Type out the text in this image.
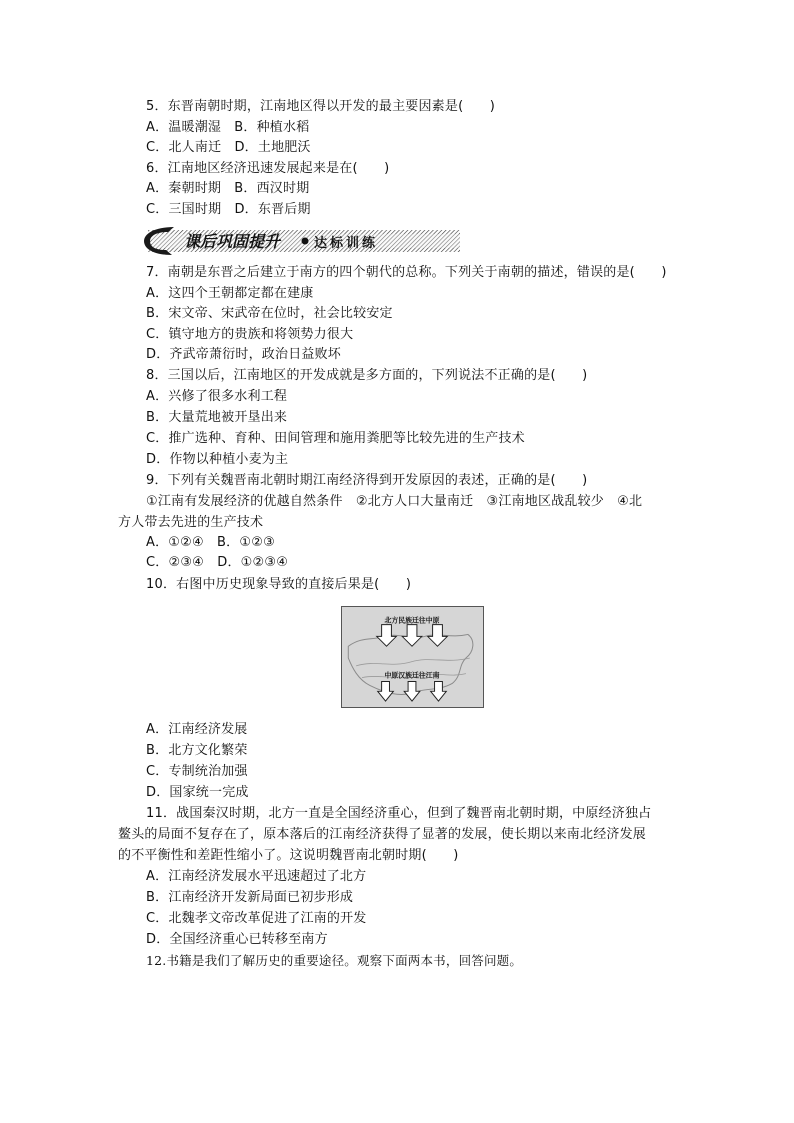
5．东晋南朝时期，江南地区得以开发的最主要因素是(　　)
A．温暖潮湿　B．种植水稻
C．北人南迁　D．土地肥沃
6．江南地区经济迅速发展起来是在(　　)
A．秦朝时期　B．西汉时期
C．三国时期　D．东晋后期
课后巩固提升	达标训练
7．南朝是东晋之后建立于南方的四个朝代的总称。下列关于南朝的描述，错误的是(　　)
A．这四个王朝都定都在建康
B．宋文帝、宋武帝在位时，社会比较安定
C．镇守地方的贵族和将领势力很大
D．齐武帝萧衍时，政治日益败坏
8．三国以后，江南地区的开发成就是多方面的，下列说法不正确的是(　　)
A．兴修了很多水利工程
B．大量荒地被开垦出来
C．推广选种、育种、田间管理和施用粪肥等比较先进的生产技术
D．作物以种植小麦为主
9．下列有关魏晋南北朝时期江南经济得到开发原因的表述，正确的是(　　)
①江南有发展经济的优越自然条件　②北方人口大量南迁　③江南地区战乱较少　④北
方人带去先进的生产技术
A．①②④　B．①②③
C．②③④　D．①②③④
10．右图中历史现象导致的直接后果是(　　)
北方民族迁往中原
中原汉族迁往江南
A．江南经济发展
B．北方文化繁荣
C．专制统治加强
D．国家统一完成
11．战国秦汉时期，北方一直是全国经济重心，但到了魏晋南北朝时期，中原经济独占
鳌头的局面不复存在了，原本落后的江南经济获得了显著的发展，使长期以来南北经济发展
的不平衡性和差距性缩小了。这说明魏晋南北朝时期(　　)
A．江南经济发展水平迅速超过了北方
B．江南经济开发新局面已初步形成
C．北魏孝文帝改革促进了江南的开发
D．全国经济重心已转移至南方
12.书籍是我们了解历史的重要途径。观察下面两本书，回答问题。
